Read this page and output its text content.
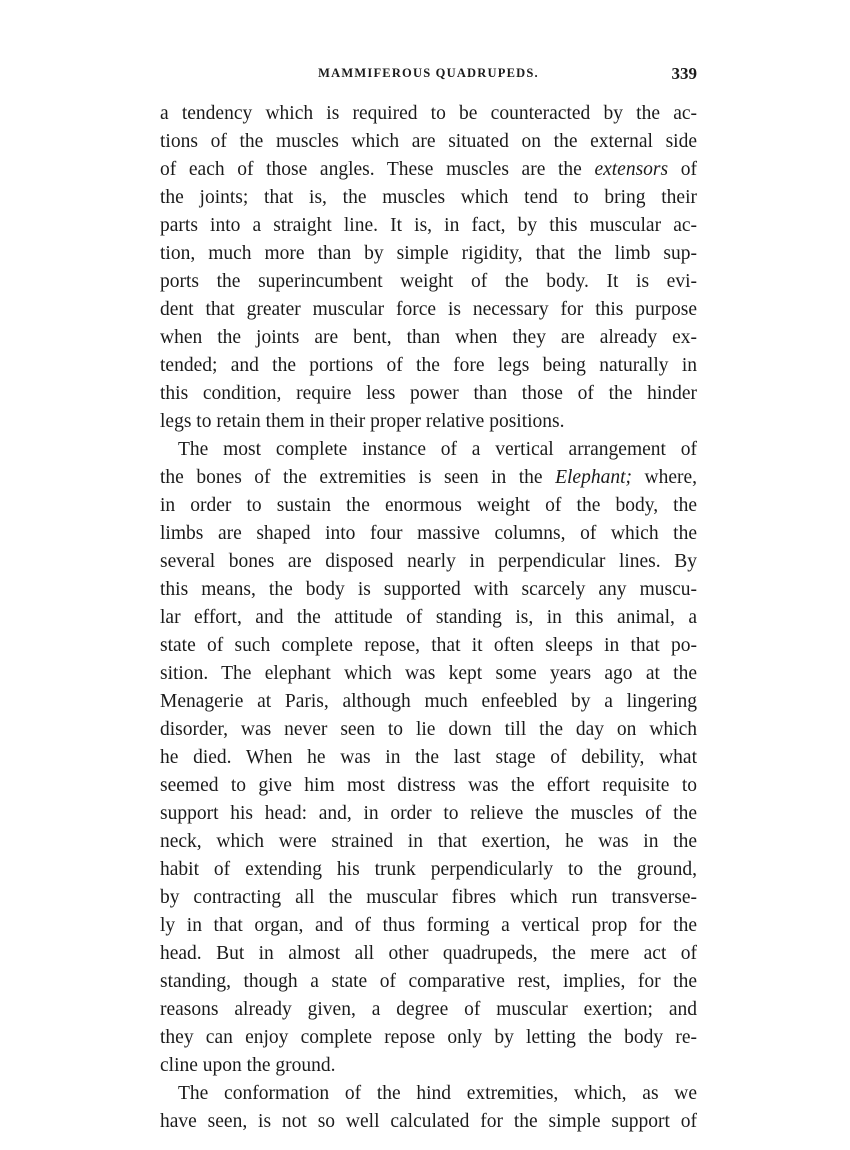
MAMMIFEROUS QUADRUPEDS.	339
a tendency which is required to be counteracted by the ac-
tions of the muscles which are situated on the external side
of each of those angles. These muscles are the extensors of
the joints; that is, the muscles which tend to bring their
parts into a straight line. It is, in fact, by this muscular ac-
tion, much more than by simple rigidity, that the limb sup-
ports the superincumbent weight of the body. It is evi-
dent that greater muscular force is necessary for this purpose
when the joints are bent, than when they are already ex-
tended; and the portions of the fore legs being naturally in
this condition, require less power than those of the hinder
legs to retain them in their proper relative positions.
The most complete instance of a vertical arrangement of
the bones of the extremities is seen in the Elephant; where,
in order to sustain the enormous weight of the body, the
limbs are shaped into four massive columns, of which the
several bones are disposed nearly in perpendicular lines. By
this means, the body is supported with scarcely any muscu-
lar effort, and the attitude of standing is, in this animal, a
state of such complete repose, that it often sleeps in that po-
sition. The elephant which was kept some years ago at the
Menagerie at Paris, although much enfeebled by a lingering
disorder, was never seen to lie down till the day on which
he died. When he was in the last stage of debility, what
seemed to give him most distress was the effort requisite to
support his head: and, in order to relieve the muscles of the
neck, which were strained in that exertion, he was in the
habit of extending his trunk perpendicularly to the ground,
by contracting all the muscular fibres which run transverse-
ly in that organ, and of thus forming a vertical prop for the
head. But in almost all other quadrupeds, the mere act of
standing, though a state of comparative rest, implies, for the
reasons already given, a degree of muscular exertion; and
they can enjoy complete repose only by letting the body re-
cline upon the ground.
The conformation of the hind extremities, which, as we
have seen, is not so well calculated for the simple support of
